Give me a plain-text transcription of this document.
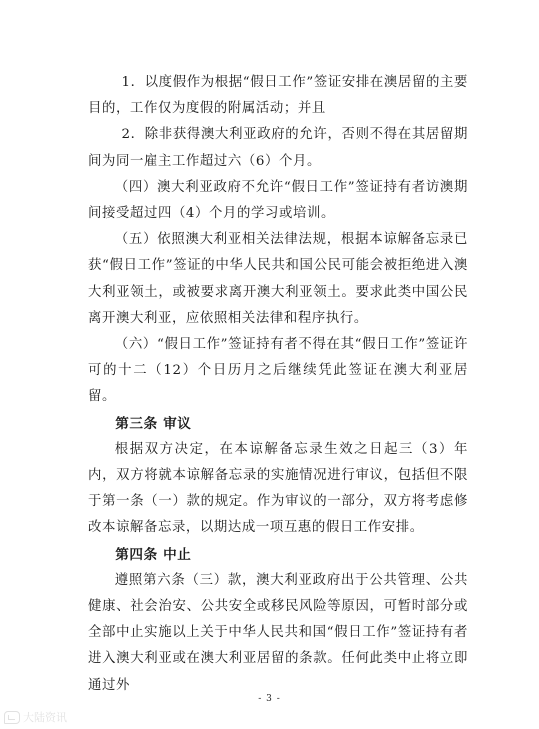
1．以度假作为根据“假日工作”签证安排在澳居留的主要目的，工作仅为度假的附属活动；并且

2．除非获得澳大利亚政府的允许，否则不得在其居留期间为同一雇主工作超过六（6）个月。

（四）澳大利亚政府不允许“假日工作”签证持有者访澳期间接受超过四（4）个月的学习或培训。

（五）依照澳大利亚相关法律法规，根据本谅解备忘录已获“假日工作”签证的中华人民共和国公民可能会被拒绝进入澳大利亚领土，或被要求离开澳大利亚领土。要求此类中国公民离开澳大利亚，应依照相关法律和程序执行。

（六）“假日工作”签证持有者不得在其“假日工作”签证许可的十二（12）个日历月之后继续凭此签证在澳大利亚居留。

第三条 审议

根据双方决定，在本谅解备忘录生效之日起三（3）年内，双方将就本谅解备忘录的实施情况进行审议，包括但不限于第一条（一）款的规定。作为审议的一部分，双方将考虑修改本谅解备忘录，以期达成一项互惠的假日工作安排。

第四条 中止

遵照第六条（三）款，澳大利亚政府出于公共管理、公共健康、社会治安、公共安全或移民风险等原因，可暂时部分或全部中止实施以上关于中华人民共和国“假日工作”签证持有者进入澳大利亚或在澳大利亚居留的条款。任何此类中止将立即通过外

- 3 -
大陆资讯
